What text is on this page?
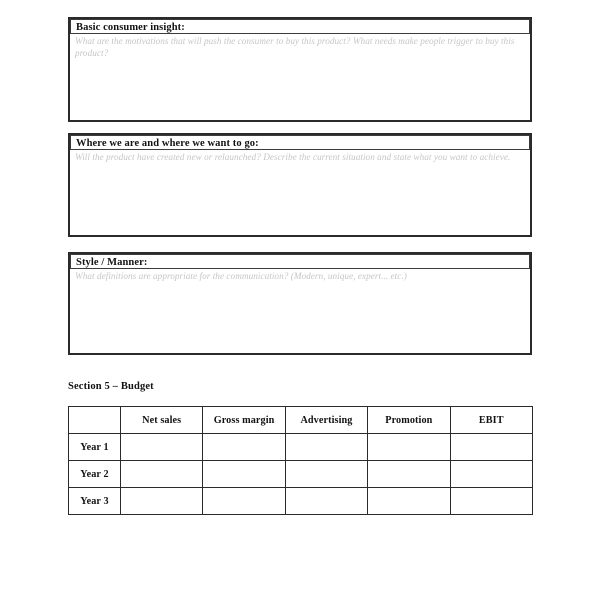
Basic consumer insight:
What are the motivations that will push the consumer to buy this product? What needs make people trigger to buy this product?
Where we are and where we want to go:
Will the product have created new or relaunched? Describe the current situation and state what you want to achieve.
Style / Manner:
What definitions are appropriate for the communication? (Modern, unique, expert... etc.)
Section 5 – Budget
	Net sales	Gross margin	Advertising	Promotion	EBIT
Year 1					
Year 2					
Year 3					
